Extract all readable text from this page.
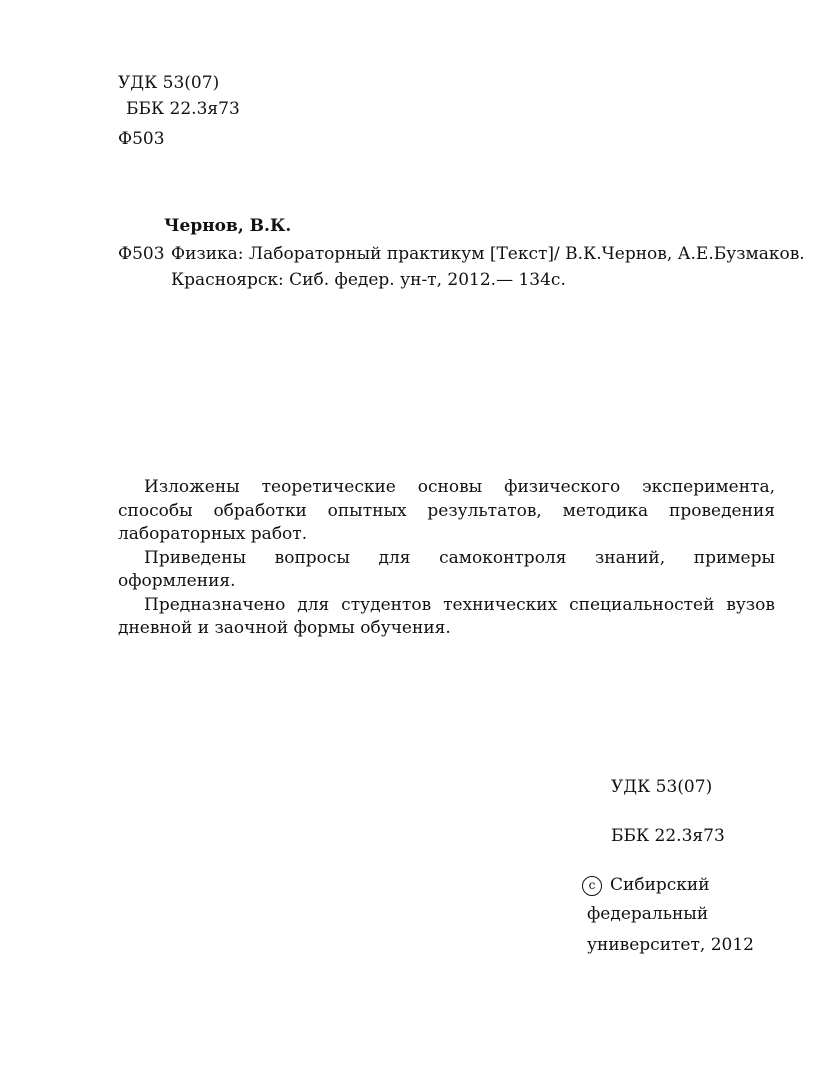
УДК 53(07)
ББК 22.3я73
Ф503
Чернов, В.К.
Ф503 Физика: Лабораторный практикум [Текст]/ В.К.Чернов, А.Е.Бузмаков.
Красноярск: Сиб. федер. ун-т, 2012.— 134с.

Изложены теоретические основы физического эксперимента, способы обработки опытных результатов, методика проведения лабораторных работ.

Приведены вопросы для самоконтроля знаний, примеры оформления.

Предназначено для студентов технических специальностей вузов дневной и заочной формы обучения.

УДК 53(07)
ББК 22.3я73
c Сибирский
федеральный
университет, 2012
